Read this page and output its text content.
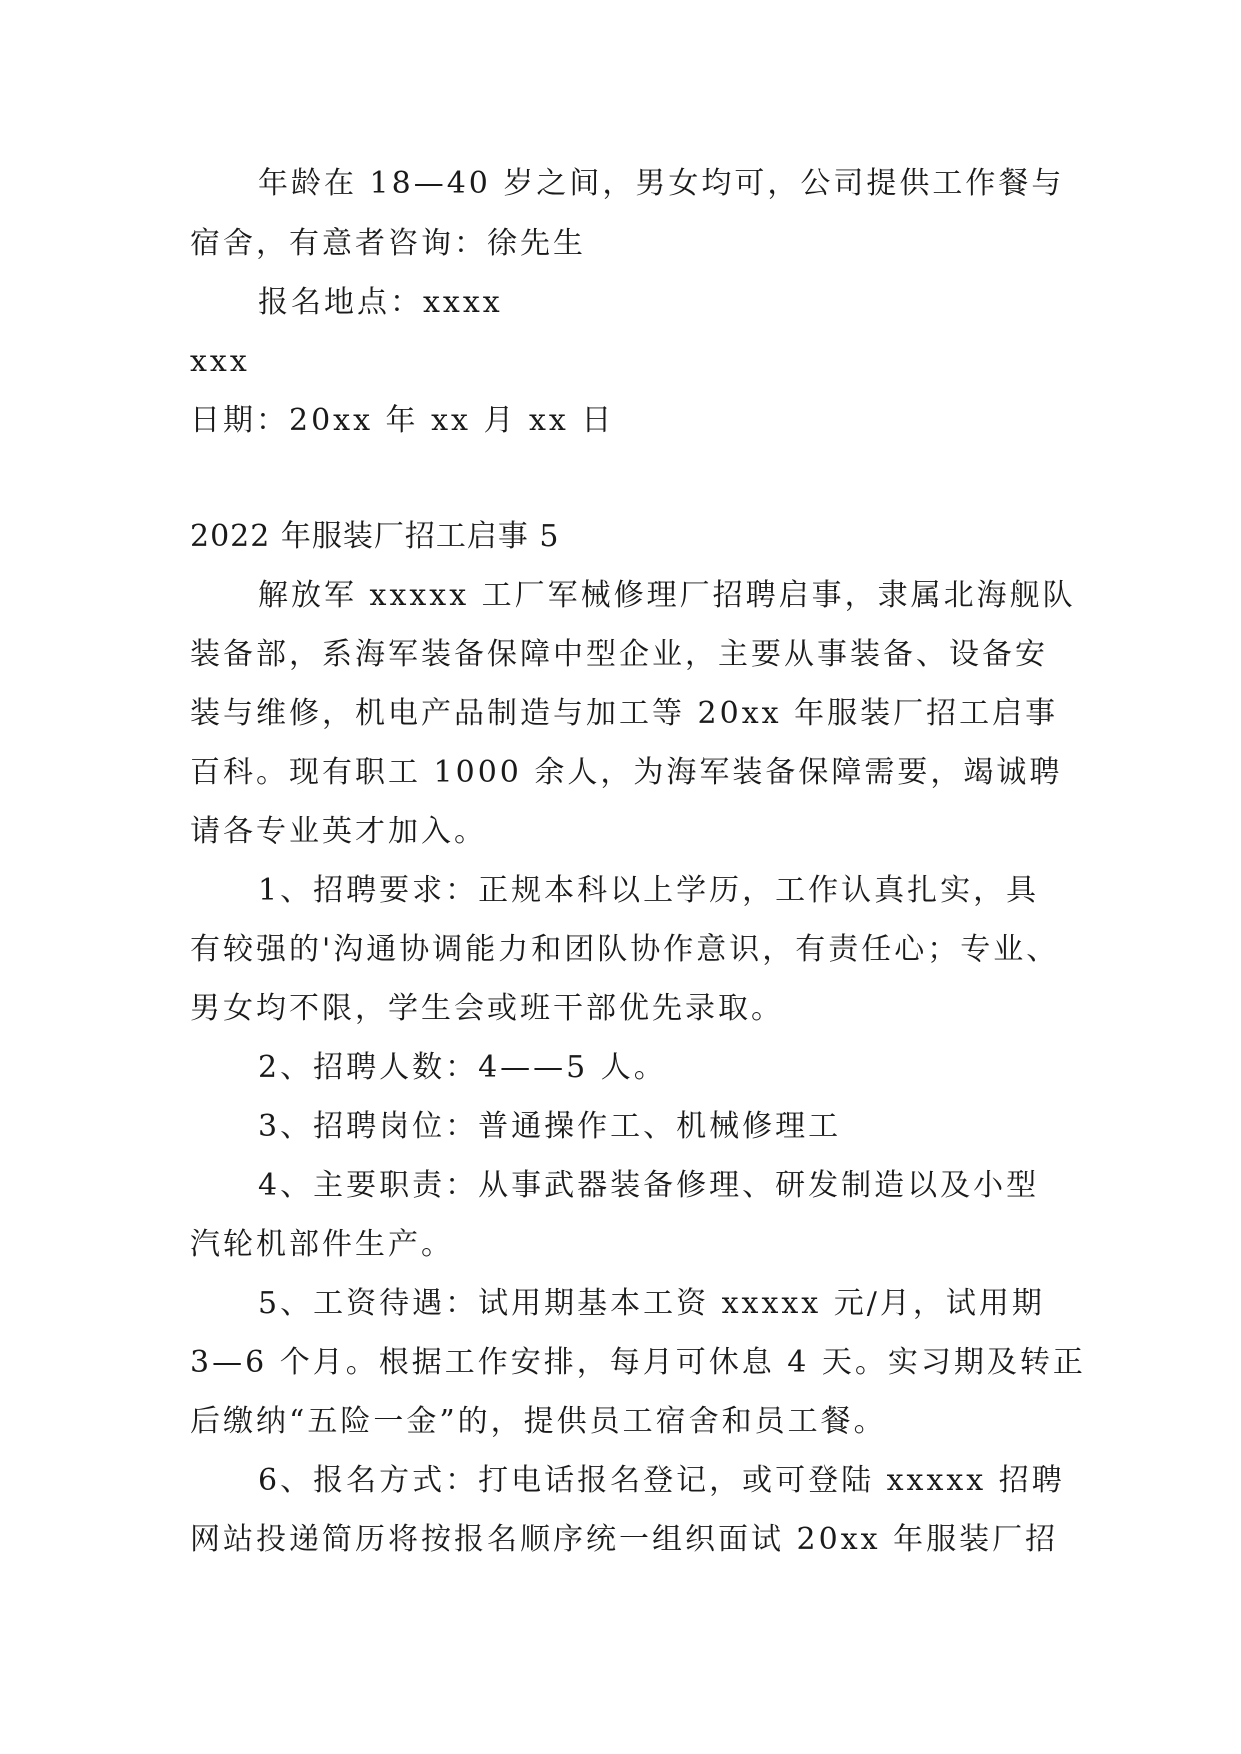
年龄在 18—40 岁之间，男女均可，公司提供工作餐与
宿舍，有意者咨询：徐先生
报名地点：xxxx
xxx
日期：20xx 年 xx 月 xx 日
2022 年服装厂招工启事 5
解放军 xxxxx 工厂军械修理厂招聘启事，隶属北海舰队
装备部，系海军装备保障中型企业，主要从事装备、设备安
装与维修，机电产品制造与加工等 20xx 年服装厂招工启事
百科。现有职工 1000 余人，为海军装备保障需要，竭诚聘
请各专业英才加入。
1、招聘要求：正规本科以上学历，工作认真扎实，具
有较强的'沟通协调能力和团队协作意识，有责任心；专业、
男女均不限，学生会或班干部优先录取。
2、招聘人数：4——5 人。
3、招聘岗位：普通操作工、机械修理工
4、主要职责：从事武器装备修理、研发制造以及小型
汽轮机部件生产。
5、工资待遇：试用期基本工资 xxxxx 元/月，试用期
3—6 个月。根据工作安排，每月可休息 4 天。实习期及转正
后缴纳“五险一金”的，提供员工宿舍和员工餐。
6、报名方式：打电话报名登记，或可登陆 xxxxx 招聘
网站投递简历将按报名顺序统一组织面试 20xx 年服装厂招
